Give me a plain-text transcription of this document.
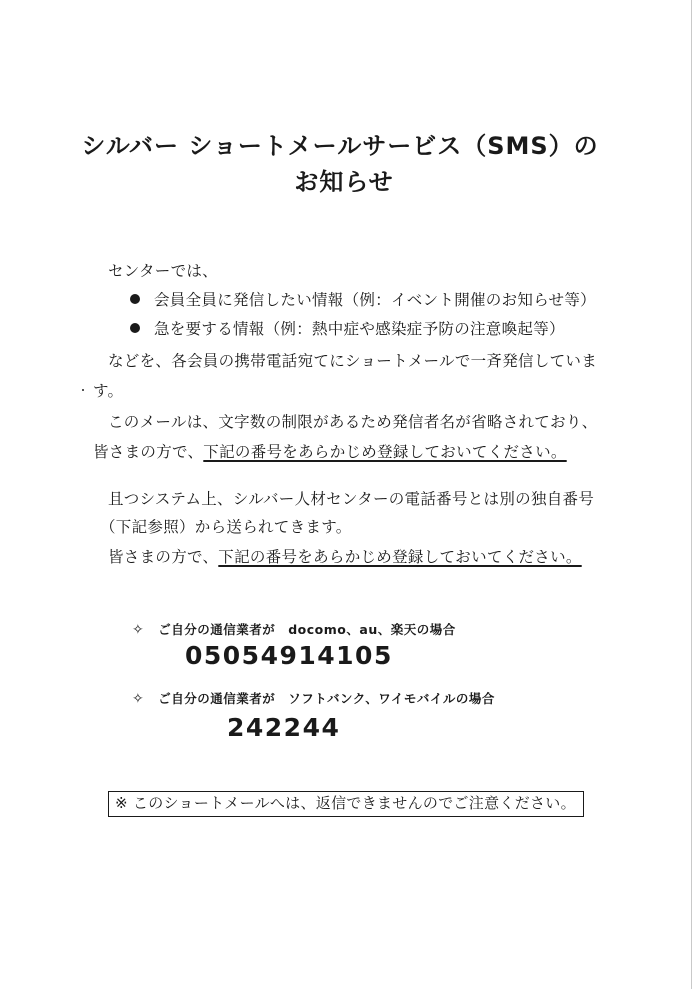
シルバー ショートメールサービス（SMS）の
お知らせ
センターでは、
会員全員に発信したい情報（例：イベント開催のお知らせ等）
急を要する情報（例：熱中症や感染症予防の注意喚起等）
などを、各会員の携帯電話宛てにショートメールで一斉発信していま
す。
このメールは、文字数の制限があるため発信者名が省略されており、
皆さまの方で、下記の番号をあらかじめ登録しておいてください。
且つシステム上、シルバー人材センターの電話番号とは別の独自番号
（下記参照）から送られてきます。
皆さまの方で、下記の番号をあらかじめ登録しておいてください。
✧ ご自分の通信業者が　docomo、au、楽天の場合
05054914105
✧ ご自分の通信業者が　ソフトバンク、ワイモバイルの場合
242244
※ このショートメールへは、返信できませんのでご注意ください。
